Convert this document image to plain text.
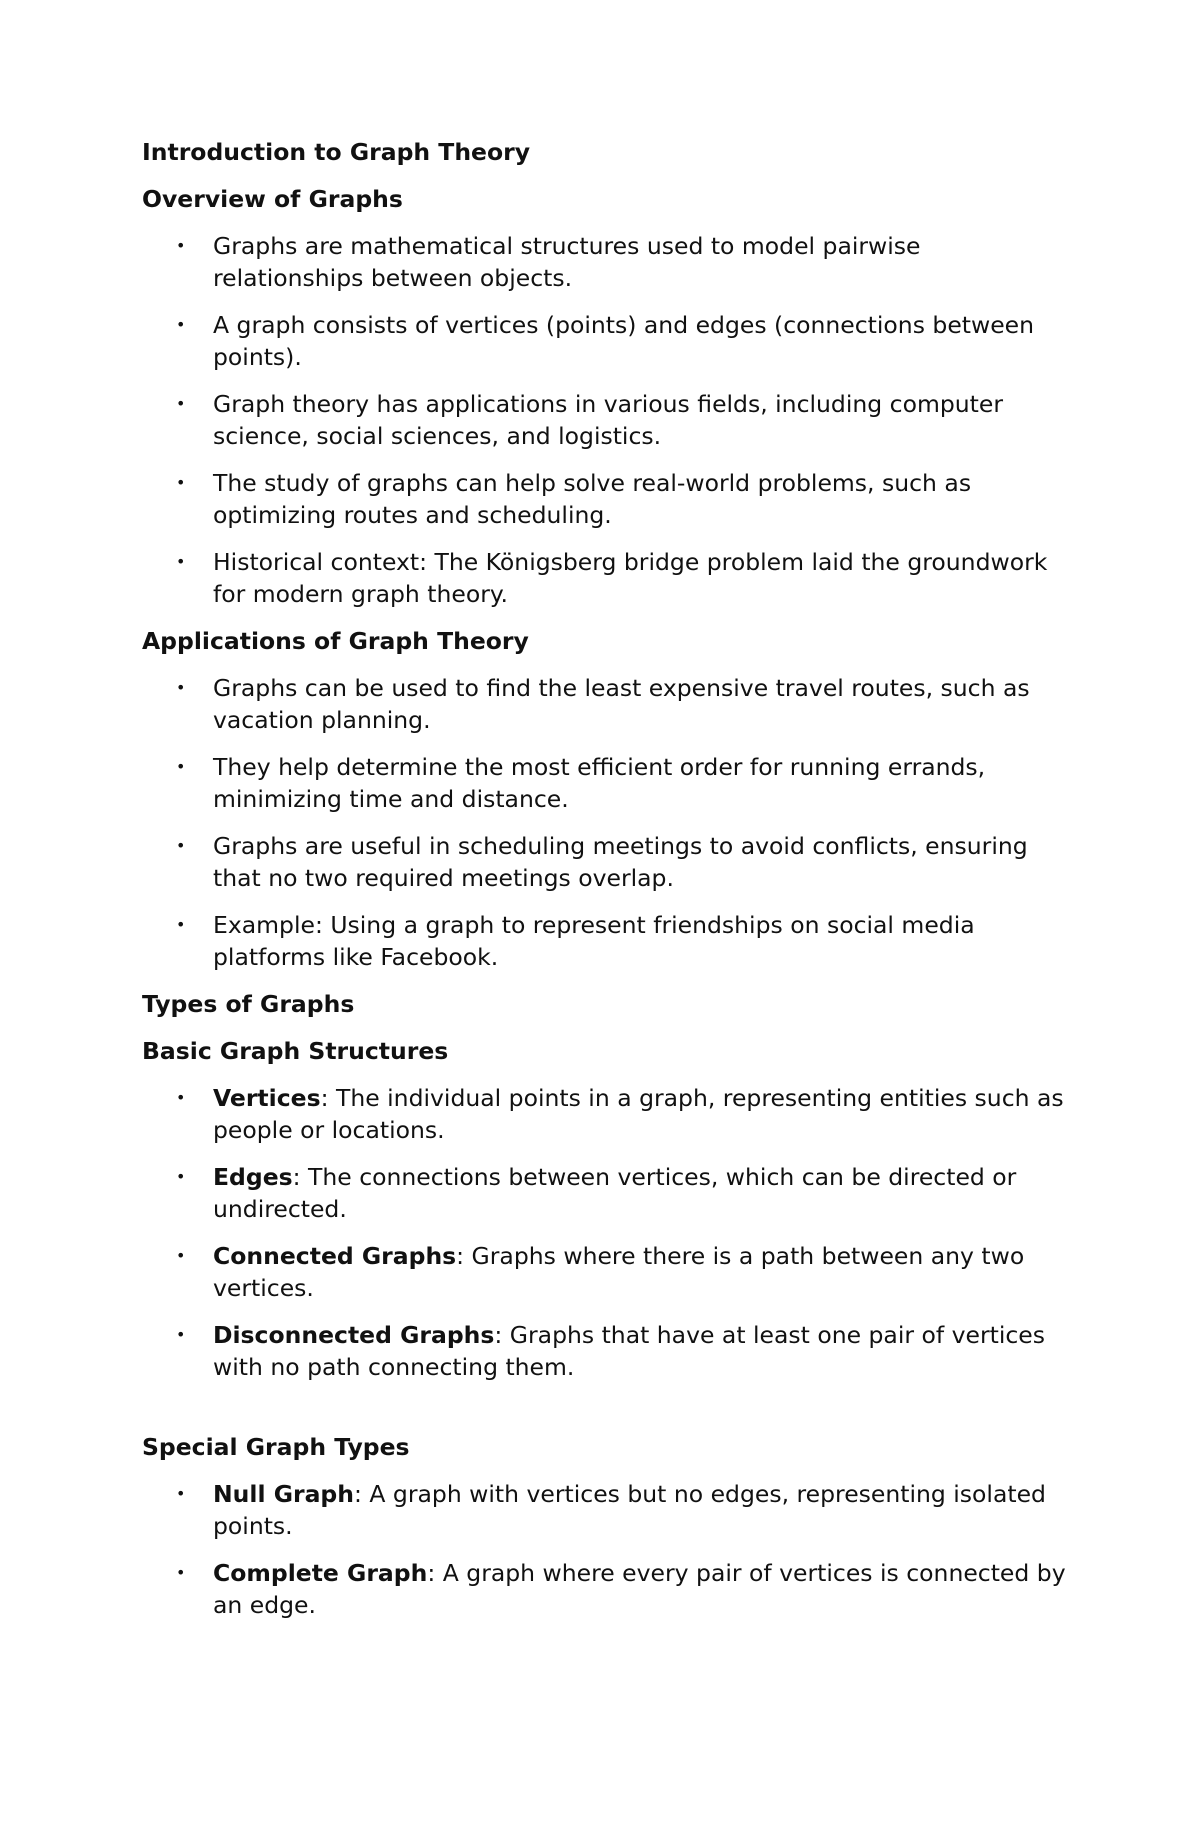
Introduction to Graph Theory
Overview of Graphs
• Graphs are mathematical structures used to model pairwise relationships between objects.
• A graph consists of vertices (points) and edges (connections between points).
• Graph theory has applications in various fields, including computer science, social sciences, and logistics.
• The study of graphs can help solve real-world problems, such as optimizing routes and scheduling.
• Historical context: The Königsberg bridge problem laid the groundwork for modern graph theory.
Applications of Graph Theory
• Graphs can be used to find the least expensive travel routes, such as vacation planning.
• They help determine the most efficient order for running errands, minimizing time and distance.
• Graphs are useful in scheduling meetings to avoid conflicts, ensuring that no two required meetings overlap.
• Example: Using a graph to represent friendships on social media platforms like Facebook.
Types of Graphs
Basic Graph Structures
• Vertices: The individual points in a graph, representing entities such as people or locations.
• Edges: The connections between vertices, which can be directed or undirected.
• Connected Graphs: Graphs where there is a path between any two vertices.
• Disconnected Graphs: Graphs that have at least one pair of vertices with no path connecting them.
Special Graph Types
• Null Graph: A graph with vertices but no edges, representing isolated points.
• Complete Graph: A graph where every pair of vertices is connected by an edge.
